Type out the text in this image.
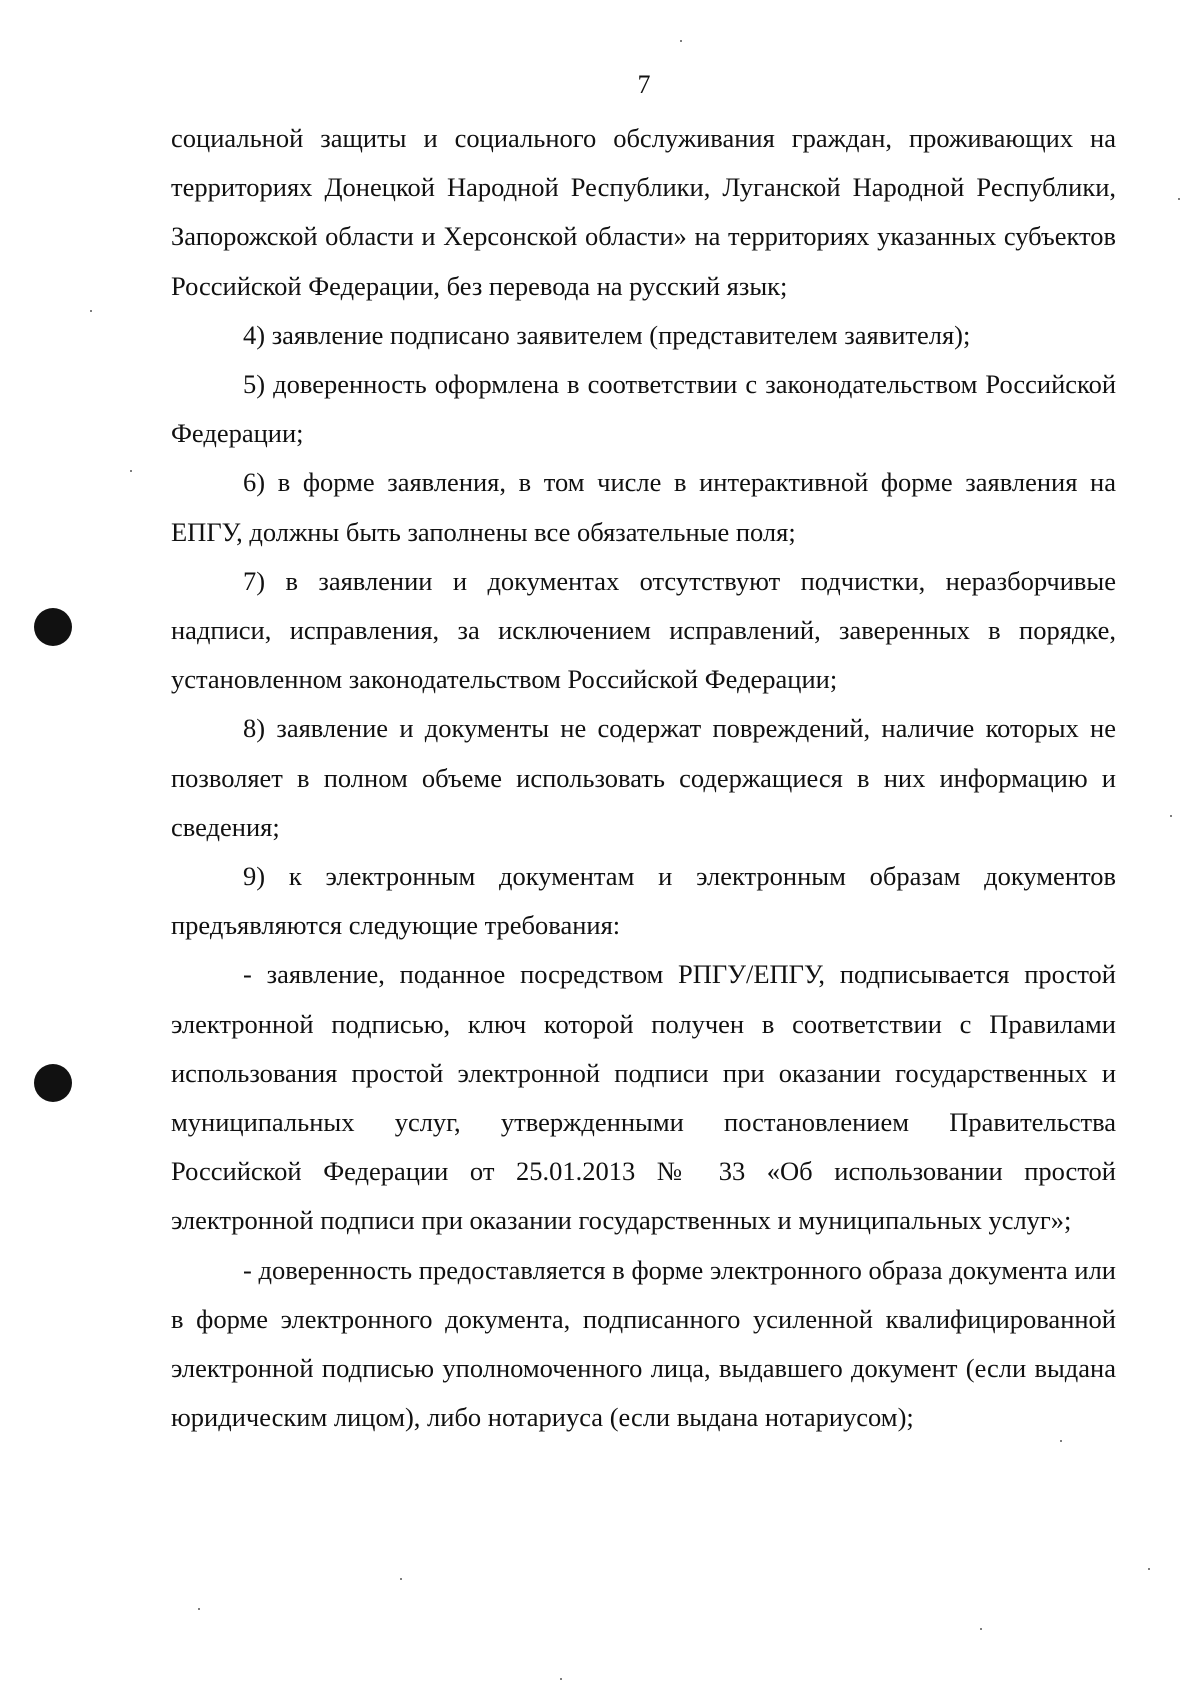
7

социальной защиты и социального обслуживания граждан, проживающих на территориях Донецкой Народной Республики, Луганской Народной Республики, Запорожской области и Херсонской области» на территориях указанных субъектов Российской Федерации, без перевода на русский язык;

4) заявление подписано заявителем (представителем заявителя);

5) доверенность оформлена в соответствии с законодательством Российской Федерации;

6) в форме заявления, в том числе в интерактивной форме заявления на ЕПГУ, должны быть заполнены все обязательные поля;

7) в заявлении и документах отсутствуют подчистки, неразборчивые надписи, исправления, за исключением исправлений, заверенных в порядке, установленном законодательством Российской Федерации;

8) заявление и документы не содержат повреждений, наличие которых не позволяет в полном объеме использовать содержащиеся в них информацию и сведения;

9) к электронным документам и электронным образам документов предъявляются следующие требования:

- заявление, поданное посредством РПГУ/ЕПГУ, подписывается простой электронной подписью, ключ которой получен в соответствии с Правилами использования простой электронной подписи при оказании государственных и муниципальных услуг, утвержденными постановлением Правительства Российской Федерации от 25.01.2013 № 33 «Об использовании простой электронной подписи при оказании государственных и муниципальных услуг»;

- доверенность предоставляется в форме электронного образа документа или в форме электронного документа, подписанного усиленной квалифицированной электронной подписью уполномоченного лица, выдавшего документ (если выдана юридическим лицом), либо нотариуса (если выдана нотариусом);
